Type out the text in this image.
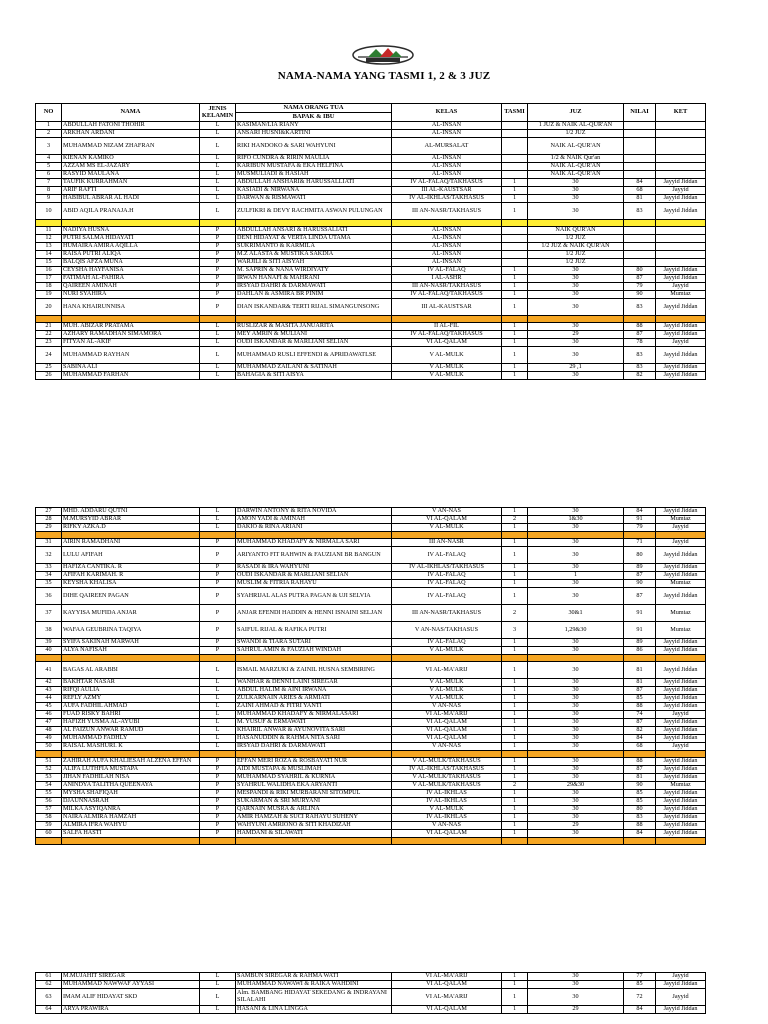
NAMA-NAMA YANG TASMI 1, 2 & 3 JUZ
NO	NAMA	JENIS KELAMIN	NAMA ORANG TUA	KELAS	TASMI	JUZ	NILAI	KET
			BAPAK & IBU					
1	ABDULLAH FATONI THOHIR	L	KASIMAN/LIA RIANY	AL-INSAN		1 JUZ & NAIK AL-QUR'AN		
2	ARKHAN ARDANI	L	ANSARI HUSNI&KARTINI	AL-INSAN		1/2 JUZ		
3	MUHAMMAD NIZAM ZHAFRAN	L	RIKI HANDOKO & SARI WAHYUNI	AL-MURSALAT		NAIK AL-QUR'AN		
4	KIENAN KAMIKO	L	RIFO CUNDRA & RIRIN MAULIA	AL-INSAN		1/2 & NAIK Qur'an		
5	AZZAM MS EL-JAZARY	L	KARIBUN MUSTAFA & EKA HELFINA	AL-INSAN		NAIK AL-QUR'AN		
6	RASYID MAULANA	L	MUSMULIADI & HASIAH	AL-INSAN		NAIK AL-QUR'AN		
7	TAUFIK KURRAHMAN	L	ABDULLAH ANSHARI& HARUSSALLIATI	IV AL-FALAQ/TAKHASUS	1	30	84	Jayyid Jiddan
8	ARIF RAFTI	L	KASIADI & NIRWANA	III AL-KAUSTSAR	1	30	68	Jayyid
9	HABIBUL ABRAR AL HADI	L	DARWAN & RISMAWATI	IV AL-IKHLAS/TAKHASUS	1	30	81	Jayyid Jiddan
10	ABID AQILA PRANAJA.H	L	ZULFIKRI & DEVY RACHMITA ASWAN PULUNGAN	III AN-NASR/TAKHASUS	1	30	83	Jayyid Jiddan

11	NADIYA HUSNA	P	ABDULLAH ANSARI & HARUSSALIATI	AL-INSAN		NAIK QUR'AN		
12	PUTRI SALMA HIDAYATI	P	DENI HIDAYAT & VERTA LINDA UTAMA	AL-INSAN		1/2 JUZ		
13	HUMAIRA AMIRA AQILLA	P	SUKRIMANTO & KARMILA	AL-INSAN		1/2 JUZ & NAIK QUR'AN		
14	RAISA PUTRI ALIQA	P	M.Z ALASTA & MUSTIKA SAKDIA	AL-INSAN		1/2 JUZ		
15	BALQIS AFZA MUNA	P	WARJILI & SITI AISYAH	AL-INSAN		1/2 JUZ		
16	CEYSHA HAYFANISA	P	M. SAPRIN & NANA WIRDIYATY	IV AL-FALAQ	1	30	80	Jayyid Jiddan
17	FATIMAH AL-FAHIRA	P	IRWAN HANAFI & MAHRANI	I AL-ASHR	1	30	87	Jayyid Jiddan
18	QAIREEN AMINAH	P	IRSYAD DAHRI & DARMAWATI	III AN-NASR/TAKHASUS	1	30	79	Jayyid
19	NURI SYAHIRA	P	DAHLAN & ASMIRA BR PINIM	IV AL-FALAQ/TAKHASUS	1	30	90	Mumtaz
20	HANA KHAIRUNNISA	P	DIAN ISKANDAR& TERTI RIJAL SIMANGUNSONG	III AL-KAUSTSAR	1	30	83	Jayyid Jiddan

21	MUH. ABIZAR PRATAMA	L	RUSLIZAR & MASITA JANUARITA	II AL-FIL	1	30	88	Jayyid Jiddan
22	AZHARY RAMADHAN SIMAMORA	L	MEY AMRIN & MULIANI	IV AL-FALAQ/TAKHASUS	1	29	87	Jayyid Jiddan
23	FITYAN AL-AKIF	L	OUDI ISKANDAR & MARLIANI SELIAN	VI AL-QALAM	1	30	78	Jayyid
24	MUHAMMAD RAYHAN	L	MUHAMMAD RUSLI EFFENDI & APRIDAWATLSE	V AL-MULK	1	30	83	Jayyid Jiddan
25	SABINA ALI	L	MUHAMMAD ZAILANI & SATINAH	V AL-MULK	1	29 ,1	83	Jayyid Jiddan
26	MUHAMMAD FARHAN	L	BAHAGIA & SITI AISYA	V AL-MULK	1	30	82	Jayyid Jiddan
27	MHD. ADDARU QUTNI	L	DARWIN ANTONY & RITA NOVIDA	V AN-NAS	1	30	84	Jayyid Jiddan
28	M.MURSYID ABRAR	L	AMON YADI & AMINAH	VI AL-QALAM	2	1&30	91	Mumtaz
29	RIFKY AZKA.D	L	DAKIO & RINA ARIANI	V AL-MULK	1	30	79	Jayyid

31	AIRIN RAMADHANI	P	MUHAMMAD KHADAFY & NIRMALA SARI	III AN-NASR	1	30	71	Jayyid
32	LULU AFIFAH	P	ARIYANTO FIT RAHWIN & FAUZIANI BR BANGUN	IV AL-FALAQ	1	30	80	Jayyid Jiddan
33	HAFIZA CANTIKA. R	P	RASADI & IRA WAHYUNI	IV AL-IKHLAS/TAKHASUS	1	30	89	Jayyid Jiddan
34	AFIFAH KARIMAH. R	P	OUDI ISKANDAR & MARLIANI SELIAN	IV AL-FALAQ	1	1	87	Jayyid Jiddan
35	KEYSHA KHALISA	P	MUSLIM & FITRIA RAHAYU	IV AL-FALAQ	1	30	90	Mumtaz
36	DIHE QAIREEN PAGAN	P	SYAHRIJAL ALAS PUTRA PAGAN & UJI SELVIA	IV AL-FALAQ	1	30	87	Jayyid Jiddan
37	KAYYISA MUFIDA ANJAR	P	ANJAR EFENDI HADDIN & HENNI ISNAINI SELJAN	III AN-NASR/TAKHASUS	2	30&1	91	Mumtaz
38	WAFAA GEUBRINA TAQIYA	P	SAIFUL RIJAL & RAFIKA PUTRI	V AN-NAS/TAKHASUS	3	1,29&30	91	Mumtaz
39	SYIFA SAKINAH MARWAH	P	SWANDI & TIARA SUTARI	IV AL-FALAQ	1	30	89	Jayyid Jiddan
40	ALYA NAFISAH	P	SAHRUL AMIN & FAUZIAH WINDAH	V AL-MULK	1	30	86	Jayyid Jiddan

41	BAGAS AL ARABBI	L	ISMAIL MARZUKI & ZAINIL HUSNA SEMBIRING	VI AL-MA'ARIJ	1	30	81	Jayyid Jiddan
42	BAKHTAR NASAR	L	WANHAR & DENNI LAINI SIREGAR	V AL-MULK	1	30	81	Jayyid Jiddan
43	RIFQI AULIA	L	ABDUL HALIM & AINI IRWANA	V AL-MULK	1	30	87	Jayyid Jiddan
44	REFLY AZMY	L	ZULKARNAIN ARIES & ARMIATI	V AL-MULK	1	30	85	Jayyid Jiddan
45	AUFA FADHIL AHMAD	L	ZAINI AHMAD & FITRI YANTI	V AN-NAS	1	30	88	Jayyid Jiddan
46	FUAD RISKY BAHRI	L	MUHAMMAD KHADAFY & NIRMALASARI	VI AL-MA'ARIJ	1	30	74	Jayyid
47	HAFIZH YUSMA AL-AYUBI	L	M. YUSUF & ERMAWATI	VI AL-QALAM	1	30	87	Jayyid Jiddan
48	AL FAIZUN ANWAR RAMUD	L	KHAIRIL ANWAR & AYUNOVITA SARI	VI AL-QALAM	1	30	82	Jayyid Jiddan
49	MUHAMMAD FADHLY	L	HASANUDDIN & RAHMA NITA SARI	VI AL-QALAM	1	30	84	Jayyid Jiddan
50	RAISAL MASHURI. K	L	IRSYAD DAHRI & DARMAWATI	V AN-NAS	1	30	68	Jayyid

51	ZAHIRAH AUFA KHALIESAH ALZENA EFFAN	P	EFFAN MERI ROZA & ROSBAYATI NUR	V AL-MULK/TAKHASUS	1	30	88	Jayyid Jiddan
52	ALIFA LUTHFIA MUSTAPA	P	AIDI MUSTAPA & MUSLIMAH	IV AL-IKHLAS/TAKHASUS	1	30	87	Jayyid Jiddan
53	JIHAN FADHILAH NISA	P	MUHAMMAD SYAHRIL & KURNIA	V AL-MULK/TAKHASUS	1	30	81	Jayyid Jiddan
54	ANINDYA TALITHA QUEENAYA	P	SYAHRUL WALIDHA EKA ARYANTI	V AL-MULK/TAKHASUS	2	29&30	90	Mumtaz
55	MYSHA SHAFIQAH	P	MESPANDI & RIKI MURBARANI SITOMPUL	IV AL-IKHLAS	1	30	85	Jayyid Jiddan
56	DJAUNNASRAH	P	SUKARMAN & SRI MURYANI	IV AL-IKHLAS	1	30	85	Jayyid Jiddan
57	MILKA ASYIQANRA	P	QARNAIN MUSRA & ARLINA	V AL-MULK	1	30	80	Jayyid Jiddan
58	NAIRA ALMIRA HAMZAH	P	AMIR HAMZAH & SUCI RAHAYU SUHENY	IV AL-IKHLAS	1	30	83	Jayyid Jiddan
59	ALMIRA IFRA WAHYU	P	WAHYUNI AMRIONO & SITI KHADIZAH	V AN-NAS	1	29	88	Jayyid Jiddan
60	SALFA HASTI	P	HAMDANI & SILAWATI	VI AL-QALAM	1	30	84	Jayyid Jiddan

61	M.MUJAHIT SIREGAR	L	SAMBUN SIREGAR & RAHMA WATI	VI AL-MA'ARIJ	1	30	77	Jayyid
62	MUHAMMAD NAWWAF AYYASI	L	MUHAMMAD NAWAWI & RAIKA WAHDINI	VI AL-QALAM	1	30	85	Jayyid Jiddan
63	IMAM ALIF HIDAYAT SKD	L	Alm. BAMBANG HIDAYAT SEKEDANG & INDRAYANI SILALAHI	VI AL-MA'ARIJ	1	30	72	Jayyid
64	ARYA PRAWIRA	L	HASANI & LINA LINGGA	VI AL-QALAM	1	29	84	Jayyid Jiddan
